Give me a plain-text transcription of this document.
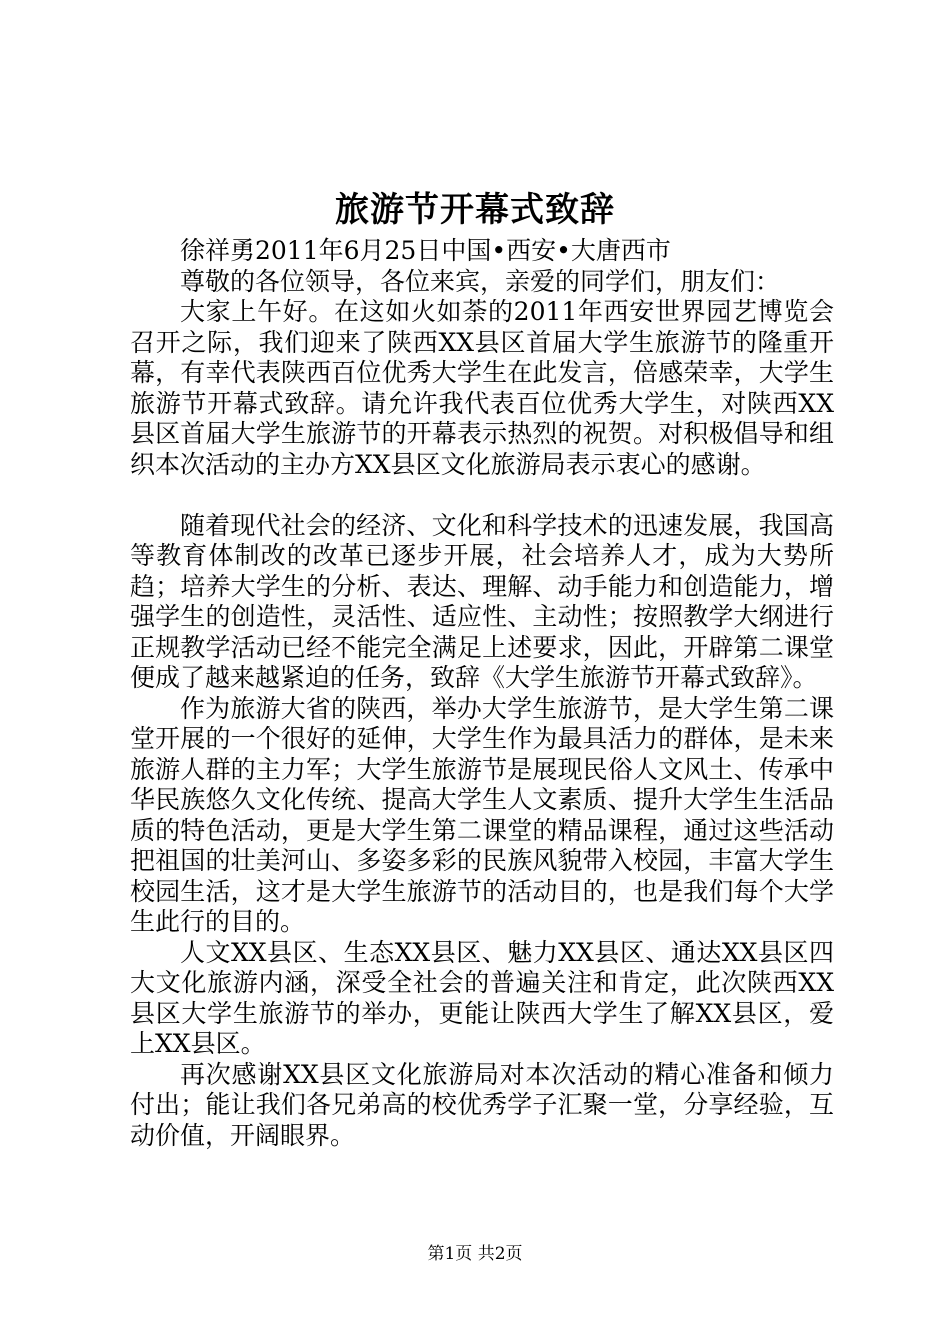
旅游节开幕式致辞

徐祥勇2011年6月25日中国•西安•大唐西市

尊敬的各位领导，各位来宾，亲爱的同学们，朋友们：

大家上午好。在这如火如荼的2011年西安世界园艺博览会召开之际，我们迎来了陕西XX县区首届大学生旅游节的隆重开幕，有幸代表陕西百位优秀大学生在此发言，倍感荣幸，大学生旅游节开幕式致辞。请允许我代表百位优秀大学生，对陕西XX县区首届大学生旅游节的开幕表示热烈的祝贺。对积极倡导和组织本次活动的主办方XX县区文化旅游局表示衷心的感谢。

随着现代社会的经济、文化和科学技术的迅速发展，我国高等教育体制改的改革已逐步开展，社会培养人才，成为大势所趋；培养大学生的分析、表达、理解、动手能力和创造能力，增强学生的创造性，灵活性、适应性、主动性；按照教学大纲进行正规教学活动已经不能完全满足上述要求，因此，开辟第二课堂便成了越来越紧迫的任务，致辞《大学生旅游节开幕式致辞》。

作为旅游大省的陕西，举办大学生旅游节，是大学生第二课堂开展的一个很好的延伸，大学生作为最具活力的群体，是未来旅游人群的主力军；大学生旅游节是展现民俗人文风土、传承中华民族悠久文化传统、提高大学生人文素质、提升大学生生活品质的特色活动，更是大学生第二课堂的精品课程，通过这些活动把祖国的壮美河山、多姿多彩的民族风貌带入校园，丰富大学生校园生活，这才是大学生旅游节的活动目的，也是我们每个大学生此行的目的。

人文XX县区、生态XX县区、魅力XX县区、通达XX县区四大文化旅游内涵，深受全社会的普遍关注和肯定，此次陕西XX县区大学生旅游节的举办，更能让陕西大学生了解XX县区，爱上XX县区。

再次感谢XX县区文化旅游局对本次活动的精心准备和倾力付出；能让我们各兄弟高的校优秀学子汇聚一堂，分享经验，互动价值，开阔眼界。

第1页 共2页
